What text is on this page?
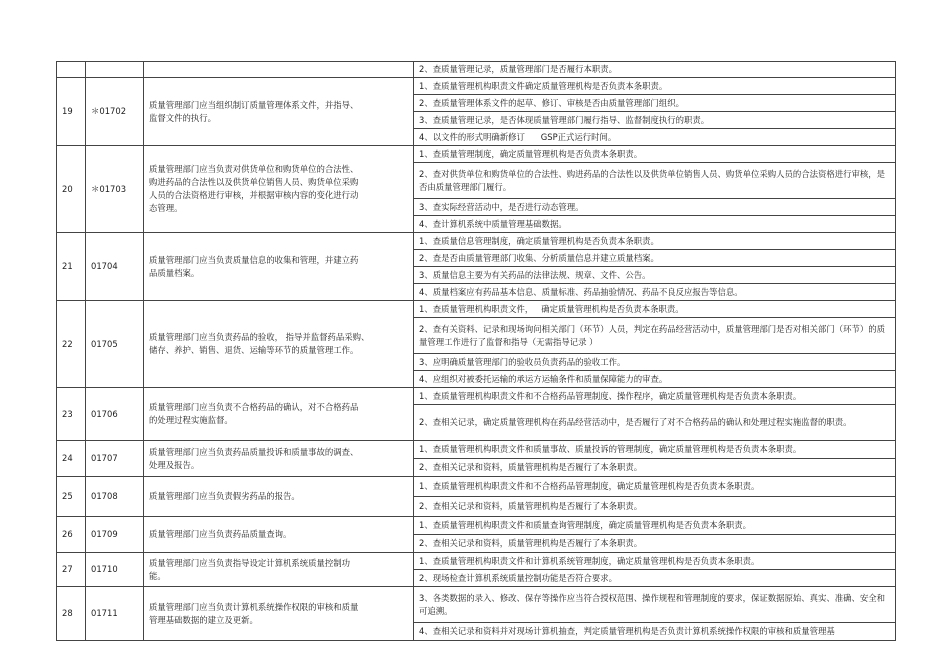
			2、查质量管理记录，质量管理部门是否履行本职责。

19	＊01702	质量管理部门应当组织制订质量管理体系文件，并指导、
监督文件的执行。	1、查质量管理机构职责文件确定质量管理机构是否负责本条职责。

			2、查质量管理体系文件的起草、修订、审核是否由质量管理部门组织。

			3、查质量管理记录，是否体现质量管理部门履行指导、监督制度执行的职责。

			4、以文件的形式明确新修订      GSP正式运行时间。

20	＊01703	质量管理部门应当负责对供货单位和购货单位的合法性、
购进药品的合法性以及供货单位销售人员、购货单位采购
人员的合法资格进行审核，并根据审核内容的变化进行动
态管理。	1、查质量管理制度，确定质量管理机构是否负责本条职责。

			2、查对供货单位和购货单位的合法性、购进药品的合法性以及供货单位销售人员、购货单位采购人员的合法资格进行审核，是否由质量管理部门履行。

			3、查实际经营活动中，是否进行动态管理。

			4、查计算机系统中质量管理基础数据。

21	01704	质量管理部门应当负责质量信息的收集和管理，并建立药
品质量档案。	1、查质量信息管理制度，确定质量管理机构是否负责本条职责。

			2、查是否由质量管理部门收集、分析质量信息并建立质量档案。

			3、质量信息主要为有关药品的法律法规、规章、文件、公告。

			4、质量档案应有药品基本信息、质量标准、药品抽验情况、药品不良反应报告等信息。

22	01705	质量管理部门应当负责药品的验收， 指导并监督药品采购、
储存、养护、销售、退货、运输等环节的质量管理工作。	1、查质量管理机构职责文件，   确定质量管理机构是否负责本条职责。

			2、查有关资料、记录和现场询问相关部门（环节）人员，判定在药品经营活动中，质量管理部门是否对相关部门（环节）的质量管理工作进行了监督和指导（无需指导记录 ）

			3、应明确质量管理部门的验收员负责药品的验收工作。

			4、应组织对被委托运输的承运方运输条件和质量保障能力的审查。

23	01706	质量管理部门应当负责不合格药品的确认，对不合格药品
的处理过程实施监督。	1、查质量管理机构职责文件和不合格药品管理制度、操作程序，确定质量管理机构是否负责本条职责。

			2、查相关记录，确定质量管理机构在药品经营活动中，是否履行了对不合格药品的确认和处理过程实施监督的职责。

24	01707	质量管理部门应当负责药品质量投诉和质量事故的调查、
处理及报告。	1、查质量管理机构职责文件和质量事故、质量投诉的管理制度，确定质量管理机构是否负责本条职责。

			2、查相关记录和资料，质量管理机构是否履行了本条职责。

25	01708	质量管理部门应当负责假劣药品的报告。	1、查质量管理机构职责文件和不合格药品管理制度，确定质量管理机构是否负责本条职责。

			2、查相关记录和资料，质量管理机构是否履行了本条职责。

26	01709	质量管理部门应当负责药品质量查询。	1、查质量管理机构职责文件和质量查询管理制度，确定质量管理机构是否负责本条职责。

			2、查相关记录和资料，质量管理机构是否履行了本条职责。

27	01710	质量管理部门应当负责指导设定计算机系统质量控制功
能。	1、查质量管理机构职责文件和计算机系统管理制度，确定质量管理机构是否负责本条职责。

			2、现场检查计算机系统质量控制功能是否符合要求。

28	01711	质量管理部门应当负责计算机系统操作权限的审核和质量
管理基础数据的建立及更新。	3、各类数据的录入、修改、保存等操作应当符合授权范围、操作规程和管理制度的要求，保证数据原始、真实、准确、安全和可追溯。

			4、查相关记录和资料并对现场计算机抽查，判定质量管理机构是否负责计算机系统操作权限的审核和质量管理基
